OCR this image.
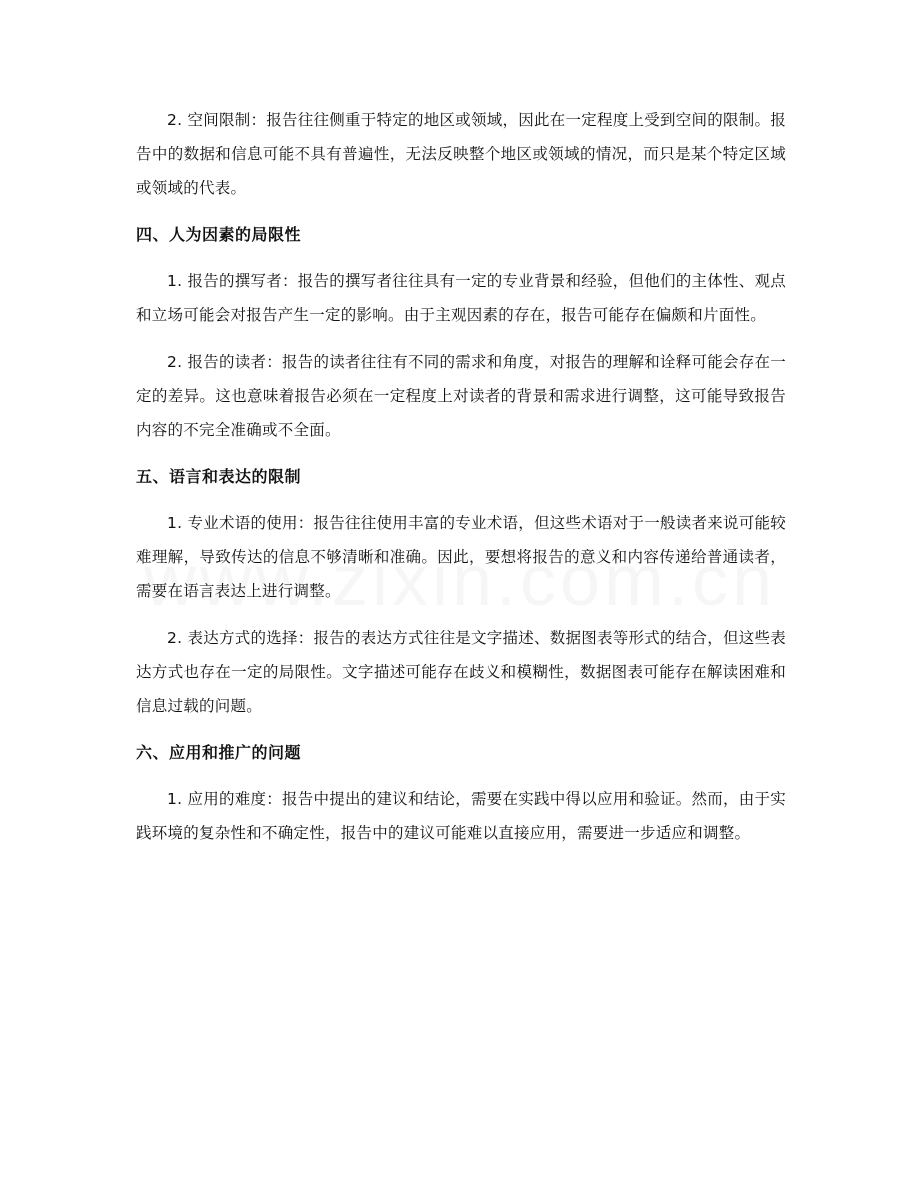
2. 空间限制：报告往往侧重于特定的地区或领域，因此在一定程度上受到空间的限制。报告中的数据和信息可能不具有普遍性，无法反映整个地区或领域的情况，而只是某个特定区域或领域的代表。

四、人为因素的局限性

1. 报告的撰写者：报告的撰写者往往具有一定的专业背景和经验，但他们的主体性、观点和立场可能会对报告产生一定的影响。由于主观因素的存在，报告可能存在偏颇和片面性。

2. 报告的读者：报告的读者往往有不同的需求和角度，对报告的理解和诠释可能会存在一定的差异。这也意味着报告必须在一定程度上对读者的背景和需求进行调整，这可能导致报告内容的不完全准确或不全面。

五、语言和表达的限制

1. 专业术语的使用：报告往往使用丰富的专业术语，但这些术语对于一般读者来说可能较难理解，导致传达的信息不够清晰和准确。因此，要想将报告的意义和内容传递给普通读者，需要在语言表达上进行调整。

2. 表达方式的选择：报告的表达方式往往是文字描述、数据图表等形式的结合，但这些表达方式也存在一定的局限性。文字描述可能存在歧义和模糊性，数据图表可能存在解读困难和信息过载的问题。

六、应用和推广的问题

1. 应用的难度：报告中提出的建议和结论，需要在实践中得以应用和验证。然而，由于实践环境的复杂性和不确定性，报告中的建议可能难以直接应用，需要进一步适应和调整。
